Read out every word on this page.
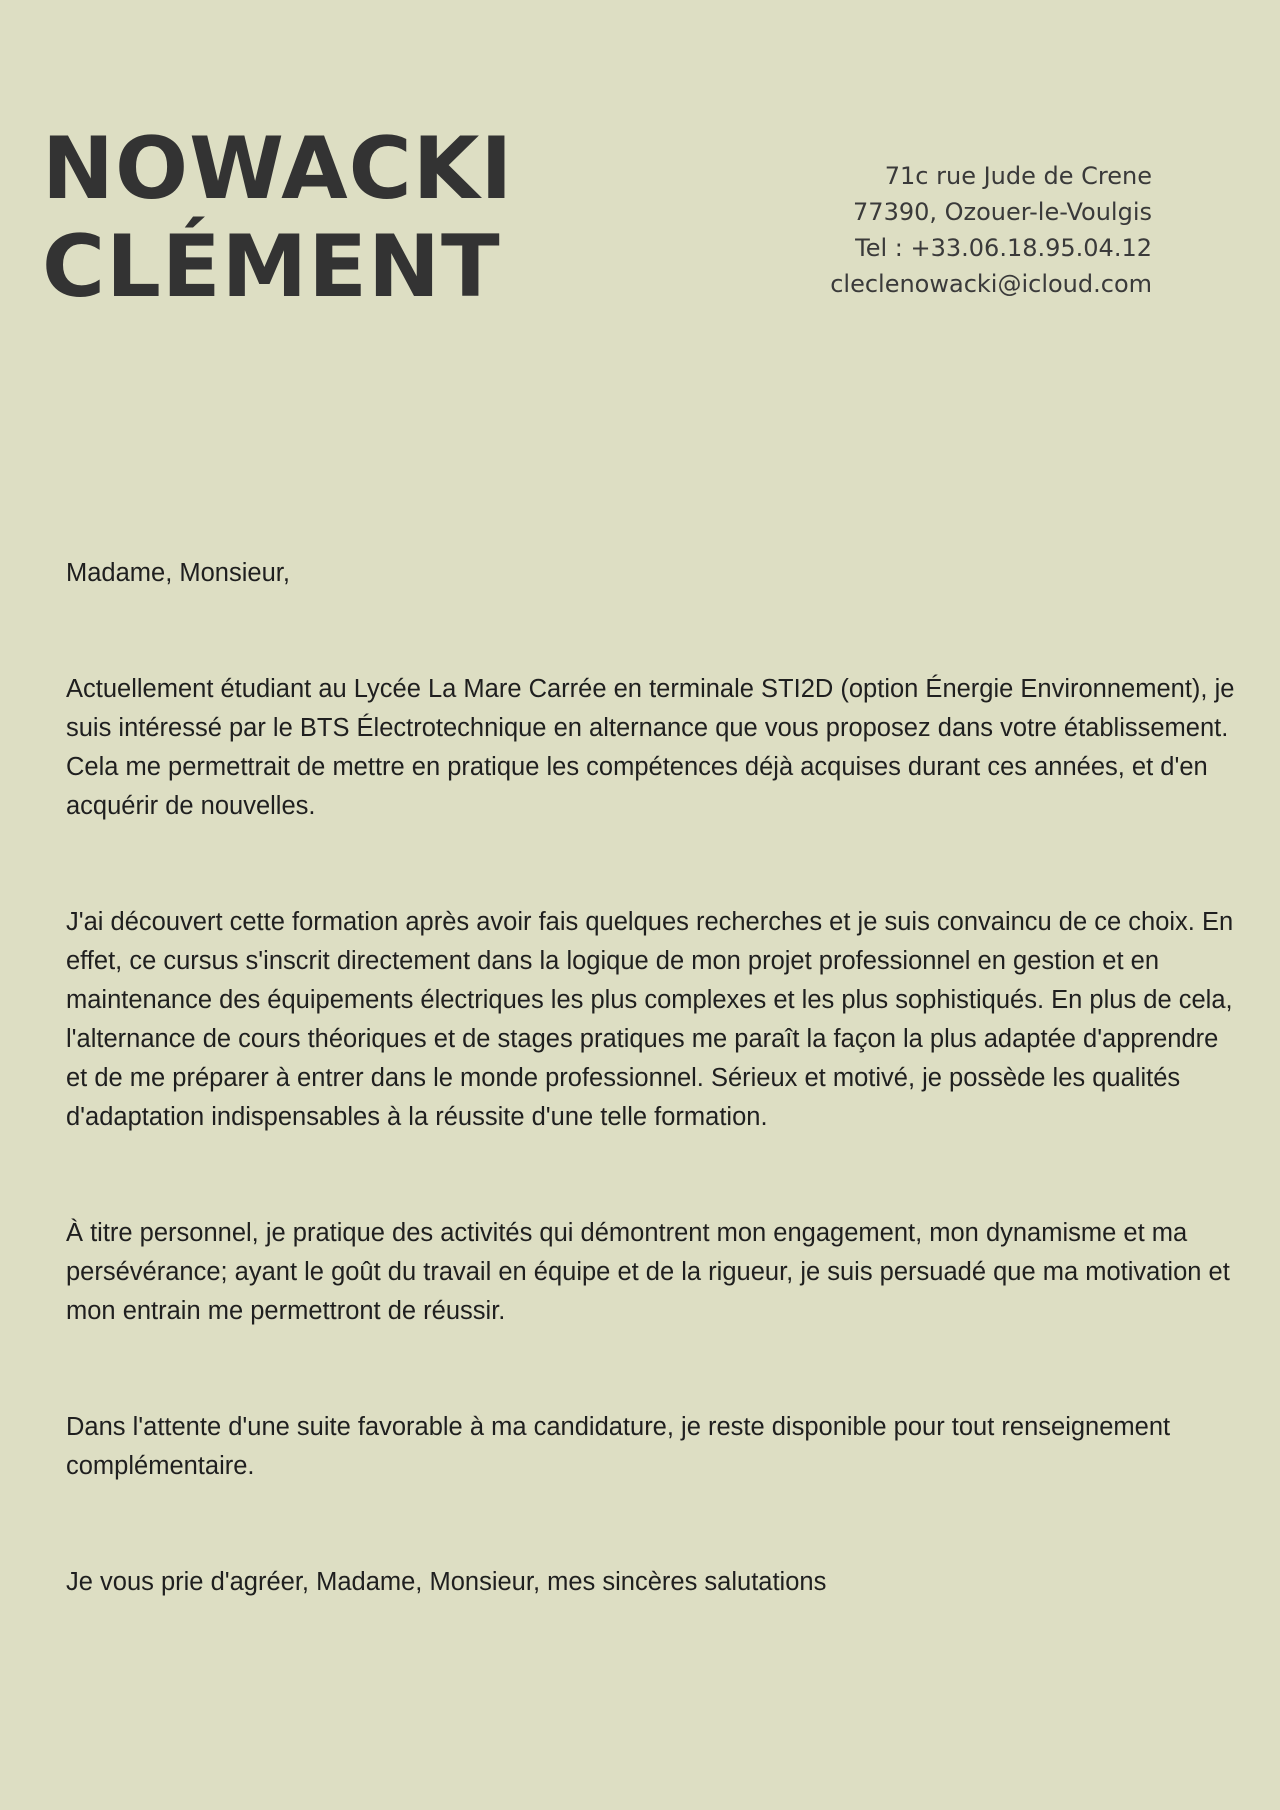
NOWACKI
CLÉMENT
71c rue Jude de Crene
77390, Ozouer-le-Voulgis
Tel : +33.06.18.95.04.12
cleclenowacki@icloud.com

Madame, Monsieur,

Actuellement étudiant au Lycée La Mare Carrée en terminale STI2D (option Énergie Environnement), je suis intéressé par le BTS Électrotechnique en alternance que vous proposez dans votre établissement. Cela me permettrait de mettre en pratique les compétences déjà acquises durant ces années, et d'en acquérir de nouvelles.

J'ai découvert cette formation après avoir fais quelques recherches et je suis convaincu de ce choix. En effet, ce cursus s'inscrit directement dans la logique de mon projet professionnel en gestion et en maintenance des équipements électriques les plus complexes et les plus sophistiqués. En plus de cela, l'alternance de cours théoriques et de stages pratiques me paraît la façon la plus adaptée d'apprendre et de me préparer à entrer dans le monde professionnel. Sérieux et motivé, je possède les qualités d'adaptation indispensables à la réussite d'une telle formation.

À titre personnel, je pratique des activités qui démontrent mon engagement, mon dynamisme et ma persévérance; ayant le goût du travail en équipe et de la rigueur, je suis persuadé que ma motivation et mon entrain me permettront de réussir.

Dans l'attente d'une suite favorable à ma candidature, je reste disponible pour tout renseignement complémentaire.

Je vous prie d'agréer, Madame, Monsieur, mes sincères salutations
